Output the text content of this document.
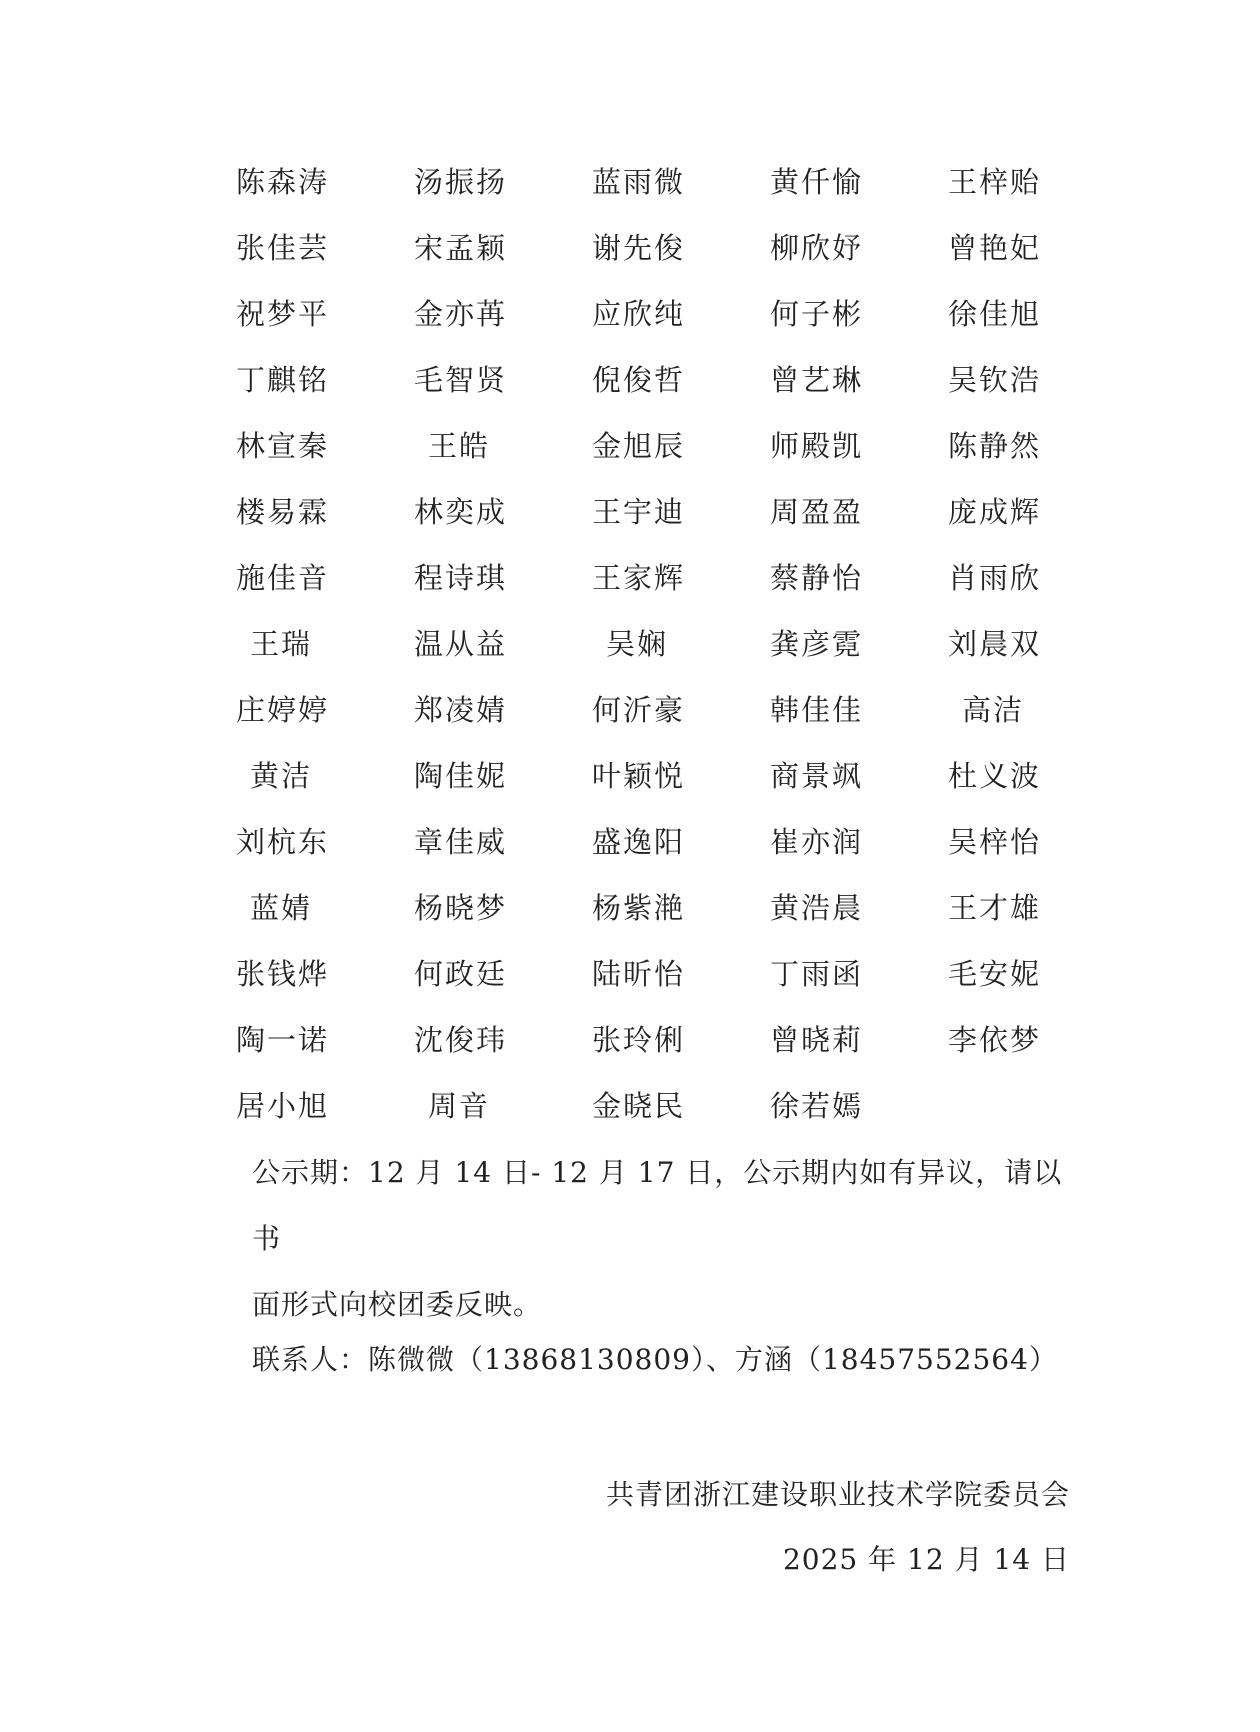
陈森涛	汤振扬	蓝雨微	黄仟愉	王梓贻
张佳芸	宋孟颖	谢先俊	柳欣妤	曾艳妃
祝梦平	金亦苒	应欣纯	何子彬	徐佳旭
丁麒铭	毛智贤	倪俊哲	曾艺琳	吴钦浩
林宣秦	王皓	金旭辰	师殿凯	陈静然
楼易霖	林奕成	王宇迪	周盈盈	庞成辉
施佳音	程诗琪	王家辉	蔡静怡	肖雨欣
王瑞	温从益	吴娴	龚彦霓	刘晨双
庄婷婷	郑凌婧	何沂豪	韩佳佳	高洁
黄洁	陶佳妮	叶颖悦	商景飒	杜义波
刘杭东	章佳威	盛逸阳	崔亦润	吴梓怡
蓝婧	杨晓梦	杨紫滟	黄浩晨	王才雄
张钱烨	何政廷	陆昕怡	丁雨函	毛安妮
陶一诺	沈俊玮	张玲俐	曾晓莉	李依梦
居小旭	周音	金晓民	徐若嫣
公示期：12 月 14 日- 12 月 17 日，公示期内如有异议，请以书
面形式向校团委反映。
联系人：陈微微（13868130809）、方涵（18457552564）
共青团浙江建设职业技术学院委员会
2025 年 12 月 14 日
